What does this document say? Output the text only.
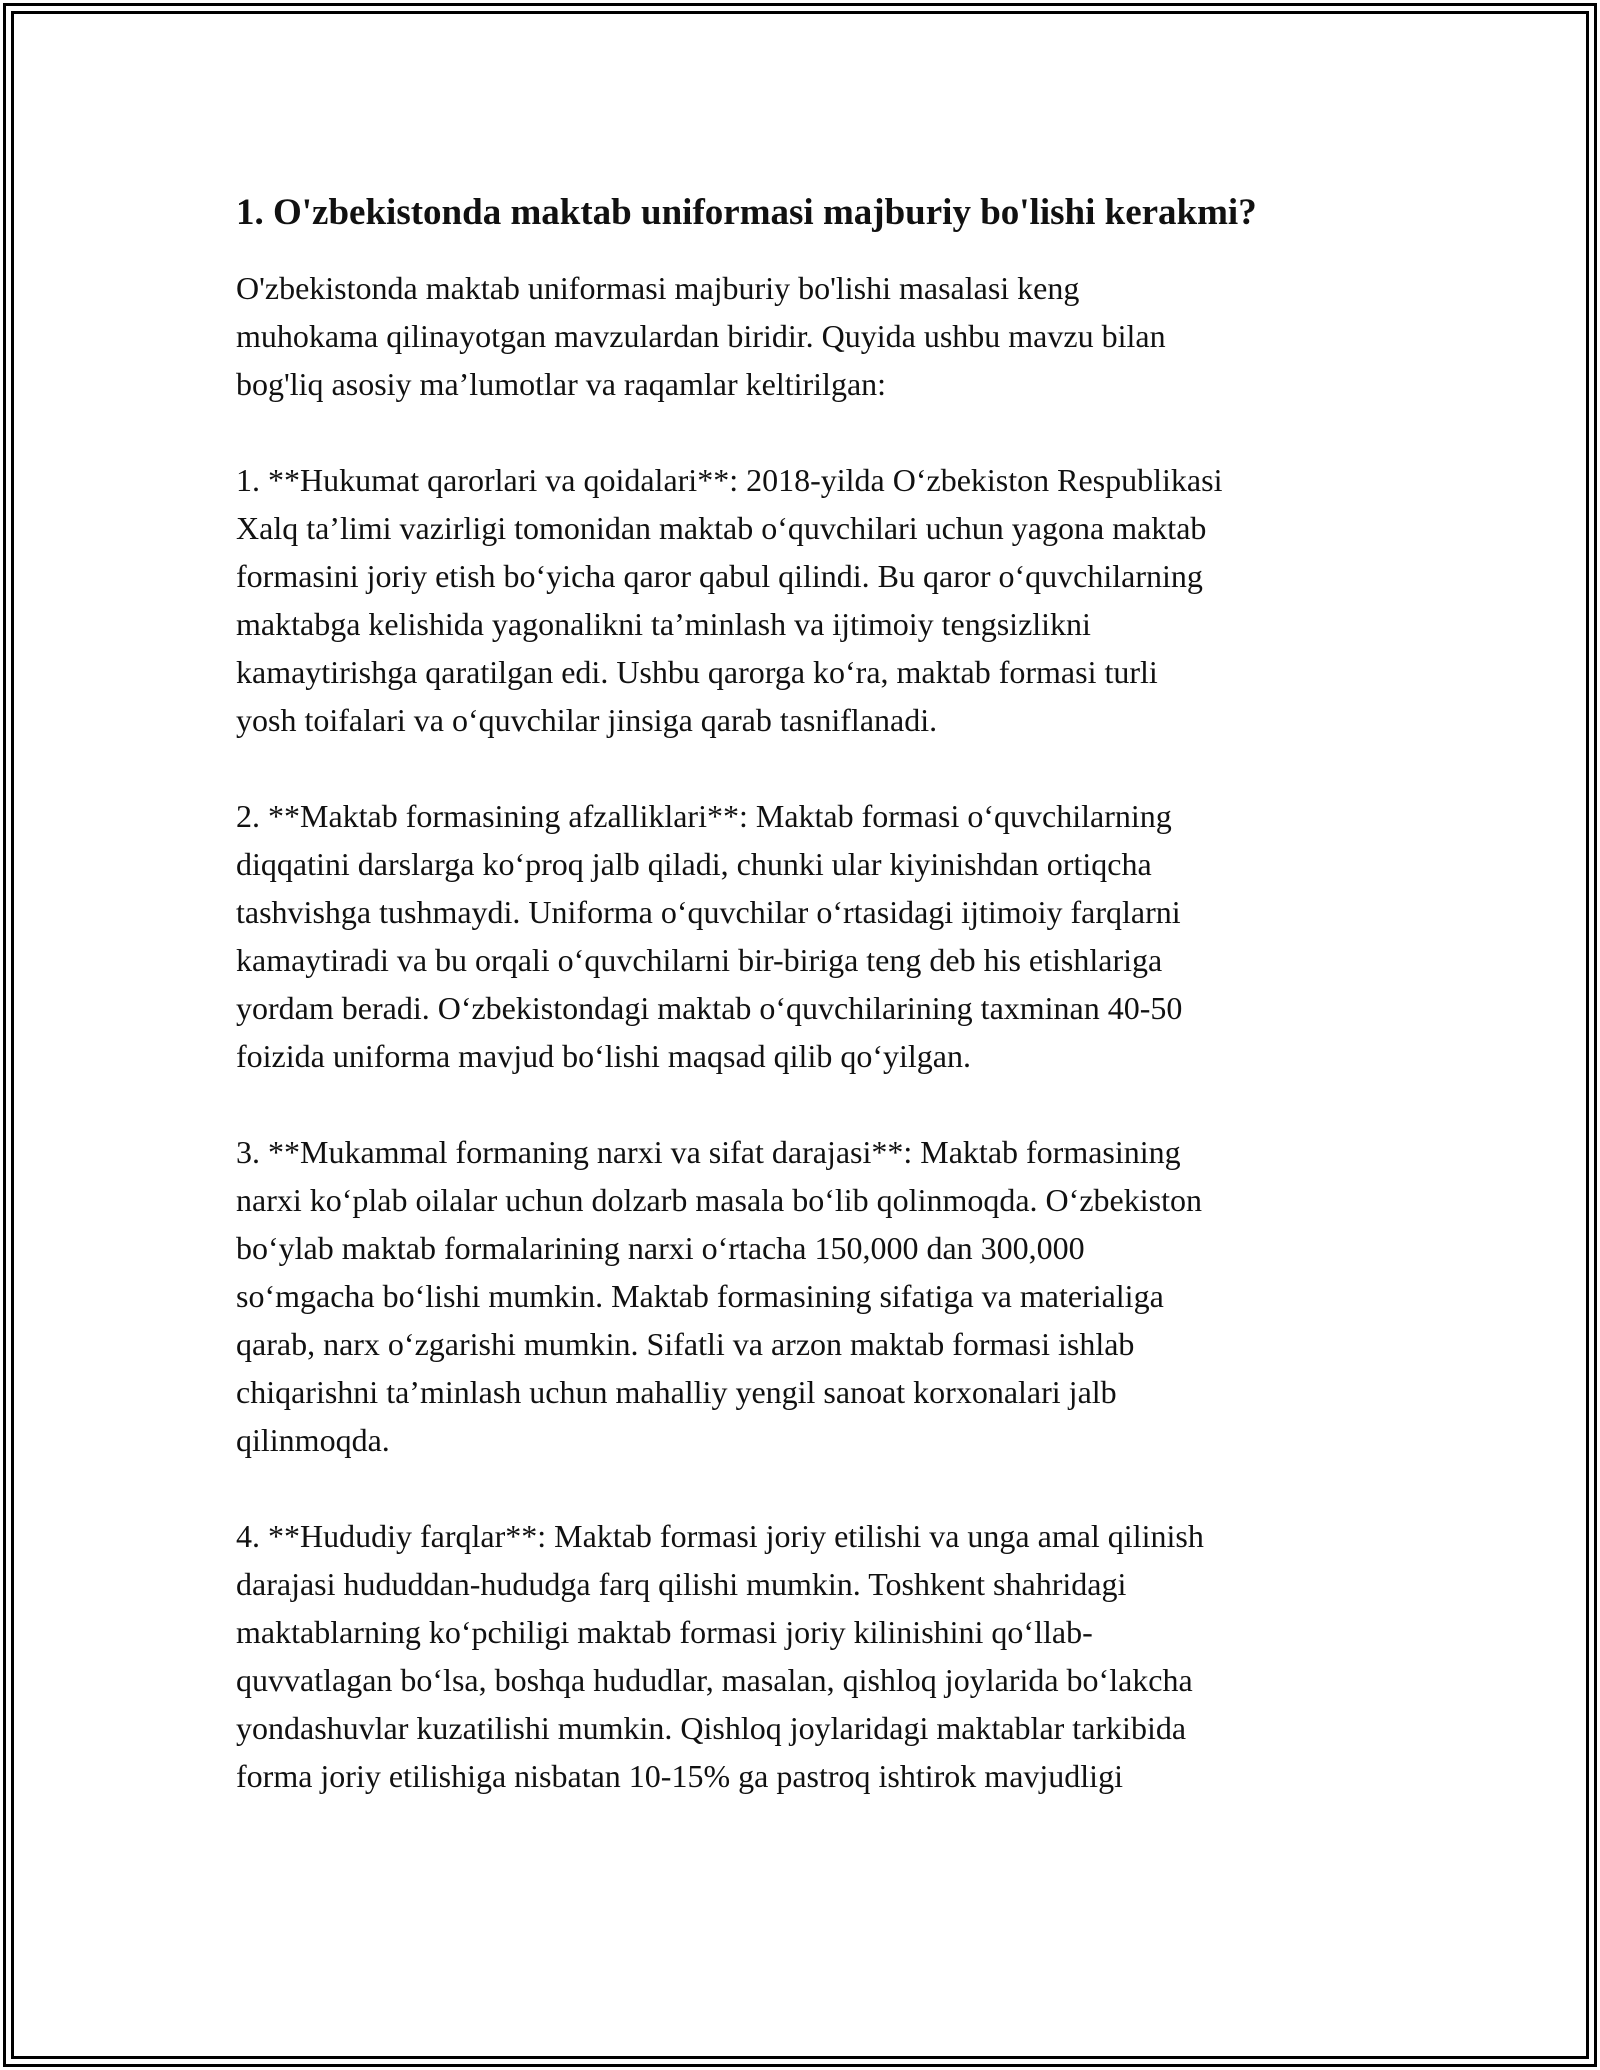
1. O'zbekistonda maktab uniformasi majburiy bo'lishi kerakmi?

O'zbekistonda maktab uniformasi majburiy bo'lishi masalasi keng
muhokama qilinayotgan mavzulardan biridir. Quyida ushbu mavzu bilan
bog'liq asosiy ma’lumotlar va raqamlar keltirilgan:

1. **Hukumat qarorlari va qoidalari**: 2018-yilda O‘zbekiston Respublikasi
Xalq ta’limi vazirligi tomonidan maktab o‘quvchilari uchun yagona maktab
formasini joriy etish bo‘yicha qaror qabul qilindi. Bu qaror o‘quvchilarning
maktabga kelishida yagonalikni ta’minlash va ijtimoiy tengsizlikni
kamaytirishga qaratilgan edi. Ushbu qarorga ko‘ra, maktab formasi turli
yosh toifalari va o‘quvchilar jinsiga qarab tasniflanadi.

2. **Maktab formasining afzalliklari**: Maktab formasi o‘quvchilarning
diqqatini darslarga ko‘proq jalb qiladi, chunki ular kiyinishdan ortiqcha
tashvishga tushmaydi. Uniforma o‘quvchilar o‘rtasidagi ijtimoiy farqlarni
kamaytiradi va bu orqali o‘quvchilarni bir-biriga teng deb his etishlariga
yordam beradi. O‘zbekistondagi maktab o‘quvchilarining taxminan 40-50
foizida uniforma mavjud bo‘lishi maqsad qilib qo‘yilgan.

3. **Mukammal formaning narxi va sifat darajasi**: Maktab formasining
narxi ko‘plab oilalar uchun dolzarb masala bo‘lib qolinmoqda. O‘zbekiston
bo‘ylab maktab formalarining narxi o‘rtacha 150,000 dan 300,000
so‘mgacha bo‘lishi mumkin. Maktab formasining sifatiga va materialiga
qarab, narx o‘zgarishi mumkin. Sifatli va arzon maktab formasi ishlab
chiqarishni ta’minlash uchun mahalliy yengil sanoat korxonalari jalb
qilinmoqda.

4. **Hududiy farqlar**: Maktab formasi joriy etilishi va unga amal qilinish
darajasi hududdan-hududga farq qilishi mumkin. Toshkent shahridagi
maktablarning ko‘pchiligi maktab formasi joriy kilinishini qo‘llab-
quvvatlagan bo‘lsa, boshqa hududlar, masalan, qishloq joylarida bo‘lakcha
yondashuvlar kuzatilishi mumkin. Qishloq joylaridagi maktablar tarkibida
forma joriy etilishiga nisbatan 10-15% ga pastroq ishtirok mavjudligi
